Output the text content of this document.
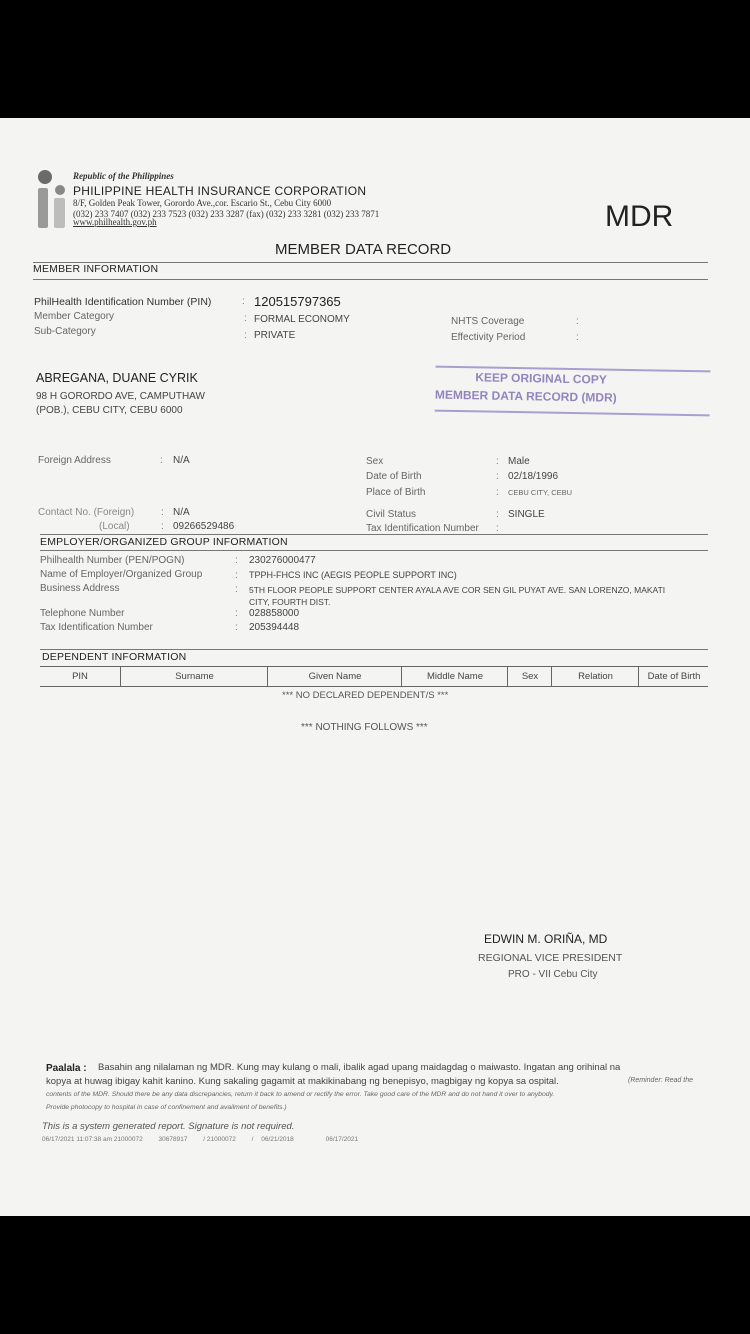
Republic of the Philippines
PHILIPPINE HEALTH INSURANCE CORPORATION
8/F, Golden Peak Tower, Gorordo Ave.,cor. Escario St., Cebu City 6000
(032) 233 7407 (032) 233 7523 (032) 233 3287 (fax) (032) 233 3281 (032) 233 7871
www.philhealth.gov.ph	MDR
MEMBER DATA RECORD
MEMBER INFORMATION
PhilHealth Identification Number (PIN)	: 120515797365
Member Category	: FORMAL ECONOMY
Sub-Category	: PRIVATE
NHTS Coverage	:
Effectivity Period	:
ABREGANA, DUANE CYRIK
98 H GORORDO AVE, CAMPUTHAW
(POB.), CEBU CITY, CEBU 6000
KEEP ORIGINAL COPY
MEMBER DATA RECORD (MDR)
Foreign Address	: N/A	Sex	: Male
Date of Birth	: 02/18/1996
Place of Birth	: CEBU CITY, CEBU
Contact No. (Foreign)	: N/A
(Local)	: 09266529486
Civil Status	: SINGLE
Tax Identification Number :
EMPLOYER/ORGANIZED GROUP INFORMATION
Philhealth Number (PEN/POGN)	: 230276000477
Name of Employer/Organized Group	: TPPH-FHCS INC (AEGIS PEOPLE SUPPORT INC)
Business Address	: 5TH FLOOR PEOPLE SUPPORT CENTER AYALA AVE COR SEN GIL PUYAT AVE. SAN LORENZO, MAKATI
CITY, FOURTH DIST.
Telephone Number	: 028858000
Tax Identification Number	: 205394448
DEPENDENT INFORMATION
PIN	Surname	Given Name	Middle Name	Sex	Relation	Date of Birth
*** NO DECLARED DEPENDENT/S ***
*** NOTHING FOLLOWS ***
EDWIN M. ORIÑA, MD
REGIONAL VICE PRESIDENT
PRO - VII Cebu City
Paalala : Basahin ang nilalaman ng MDR. Kung may kulang o mali, ibalik agad upang maidagdag o maiwasto. Ingatan ang orihinal na
kopya at huwag ibigay kahit kanino. Kung sakaling gagamit at makikinabang ng benepisyo, magbigay ng kopya sa ospital.	(Reminder: Read the
contents of the MDR. Should there be any data discrepancies, return it back to amend or rectify the error. Take good care of the MDR and do not hand it over to anybody.
Provide photocopy to hospital in case of confinement and availment of benefits.)
This is a system generated report. Signature is not required.
06/17/2021 11:07:38 am 21000072 30678917 / 21000072 / 06/21/2018	06/17/2021
